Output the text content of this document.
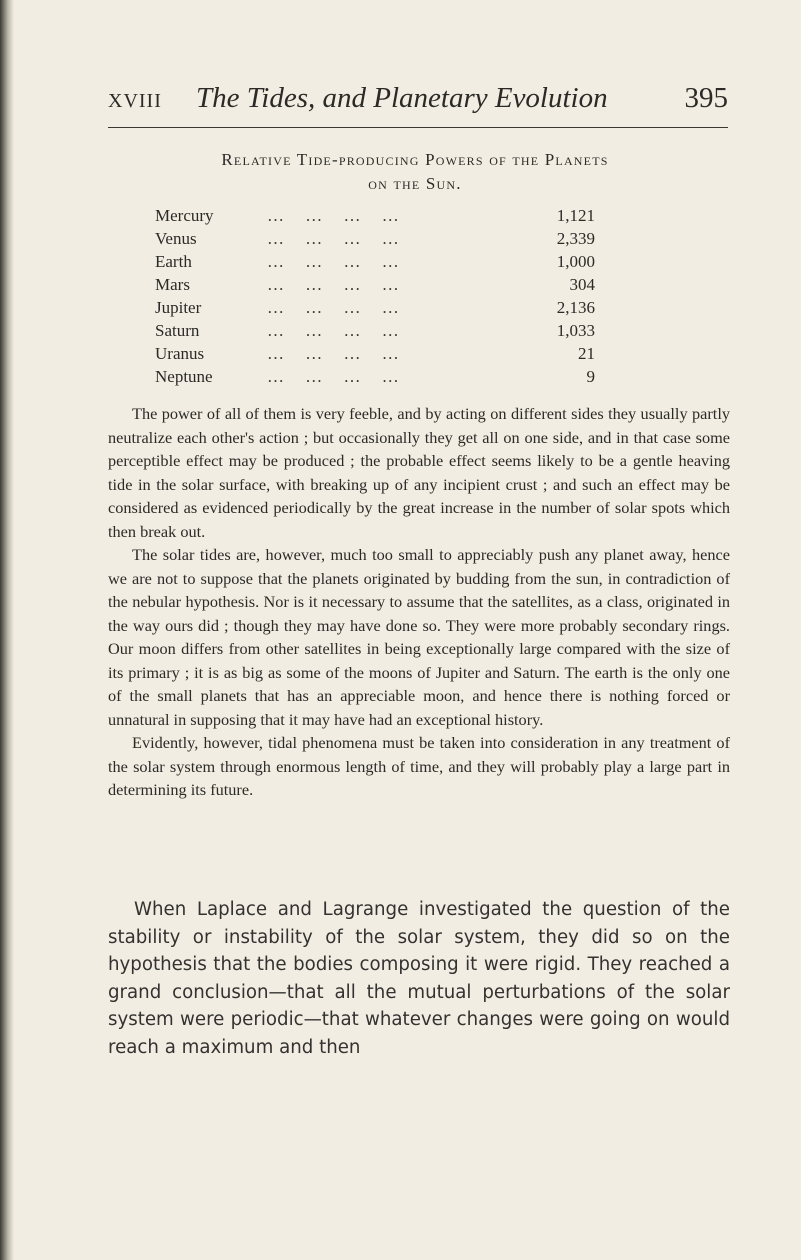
XVIII The Tides, and Planetary Evolution	395
Relative Tide-producing Powers of the Planets
on the Sun.
Mercury	…     …     …     …	1,121
Venus	…     …     …     …	2,339
Earth	…     …     …     …	1,000
Mars	…     …     …     …	304
Jupiter	…     …     …     …	2,136
Saturn	…     …     …     …	1,033
Uranus	…     …     …     …	21
Neptune	…     …     …     …	9

The power of all of them is very feeble, and by acting on different sides they usually partly neutralize each other's action ; but occasionally they get all on one side, and in that case some perceptible effect may be produced ; the probable effect seems likely to be a gentle heaving tide in the solar surface, with breaking up of any incipient crust ; and such an effect may be considered as evidenced periodically by the great increase in the number of solar spots which then break out.

The solar tides are, however, much too small to appreciably push any planet away, hence we are not to suppose that the planets originated by budding from the sun, in contradiction of the nebular hypothesis. Nor is it necessary to assume that the satellites, as a class, originated in the way ours did ; though they may have done so. They were more probably secondary rings. Our moon differs from other satellites in being exceptionally large compared with the size of its primary ; it is as big as some of the moons of Jupiter and Saturn. The earth is the only one of the small planets that has an appreciable moon, and hence there is nothing forced or unnatural in supposing that it may have had an exceptional history.

Evidently, however, tidal phenomena must be taken into consideration in any treatment of the solar system through enormous length of time, and they will probably play a large part in determining its future.

When Laplace and Lagrange investigated the question of the stability or instability of the solar system, they did so on the hypothesis that the bodies composing it were rigid. They reached a grand conclusion—that all the mutual perturbations of the solar system were periodic—that whatever changes were going on would reach a maximum and then
